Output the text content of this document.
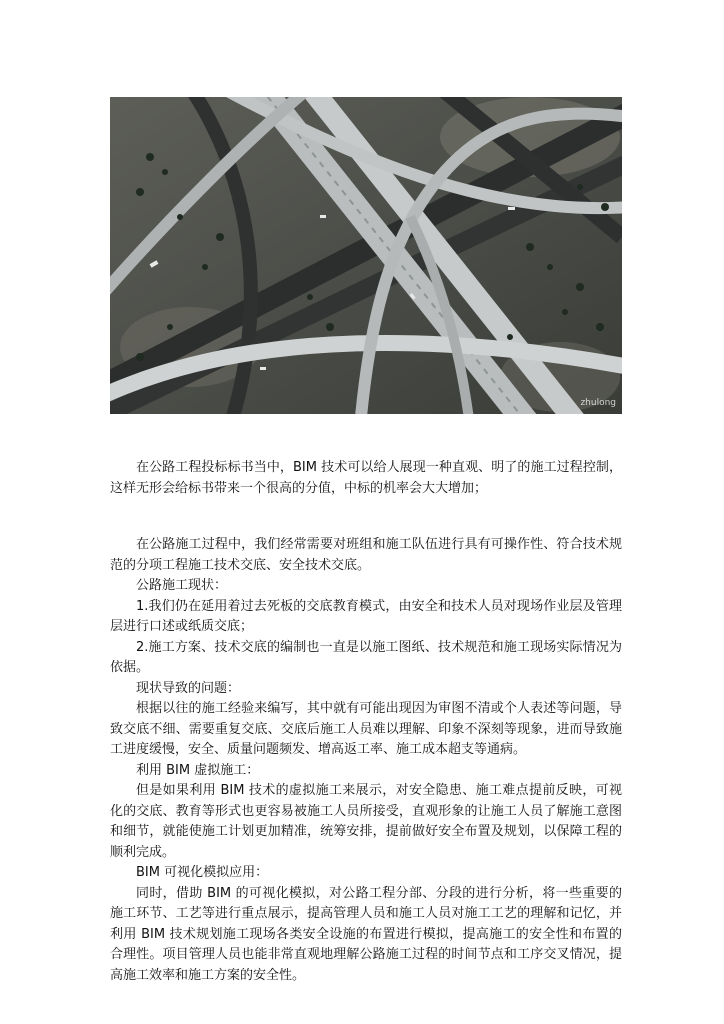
zhulong

在公路工程投标标书当中，BIM 技术可以给人展现一种直观、明了的施工过程控制，这样无形会给标书带来一个很高的分值，中标的机率会大大增加；

在公路施工过程中，我们经常需要对班组和施工队伍进行具有可操作性、符合技术规范的分项工程施工技术交底、安全技术交底。

公路施工现状：

1.我们仍在延用着过去死板的交底教育模式，由安全和技术人员对现场作业层及管理层进行口述或纸质交底；

2.施工方案、技术交底的编制也一直是以施工图纸、技术规范和施工现场实际情况为依据。

现状导致的问题：

根据以往的施工经验来编写，其中就有可能出现因为审图不清或个人表述等问题，导致交底不细、需要重复交底、交底后施工人员难以理解、印象不深刻等现象，进而导致施工进度缓慢，安全、质量问题频发、增高返工率、施工成本超支等通病。

利用 BIM 虚拟施工：

但是如果利用 BIM 技术的虚拟施工来展示，对安全隐患、施工难点提前反映，可视化的交底、教育等形式也更容易被施工人员所接受，直观形象的让施工人员了解施工意图和细节，就能使施工计划更加精准，统筹安排，提前做好安全布置及规划，以保障工程的顺利完成。

BIM 可视化模拟应用：

同时，借助 BIM 的可视化模拟，对公路工程分部、分段的进行分析，将一些重要的施工环节、工艺等进行重点展示，提高管理人员和施工人员对施工工艺的理解和记忆，并利用 BIM 技术规划施工现场各类安全设施的布置进行模拟，提高施工的安全性和布置的合理性。项目管理人员也能非常直观地理解公路施工过程的时间节点和工序交叉情况，提高施工效率和施工方案的安全性。
